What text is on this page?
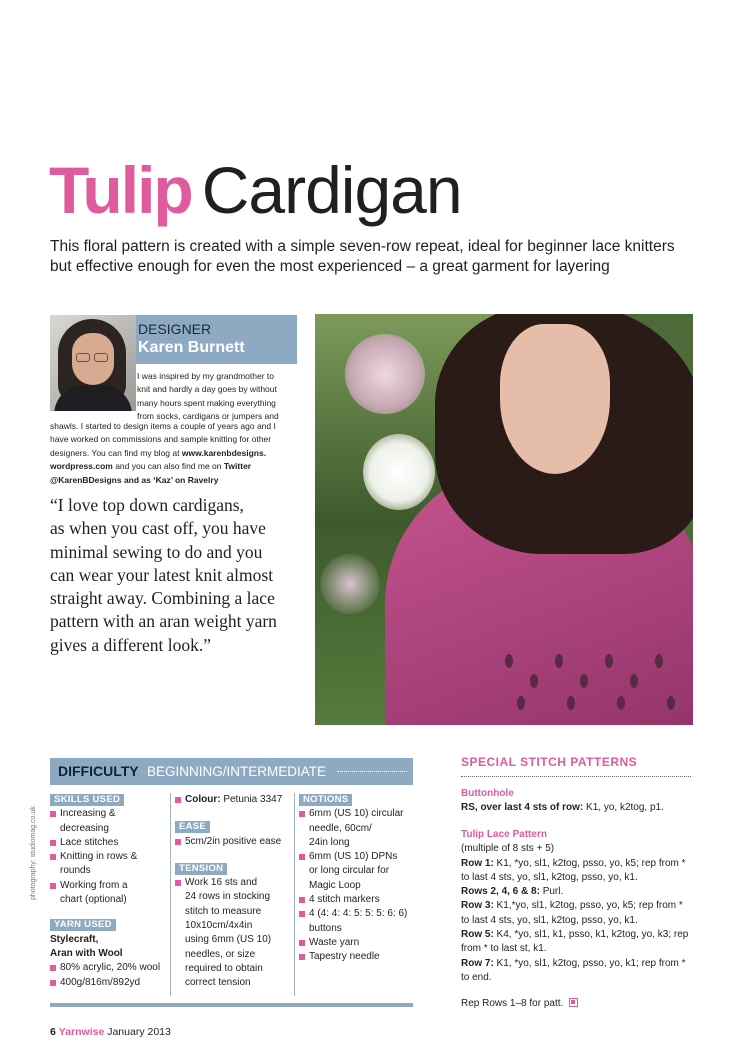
Tulip Cardigan
This floral pattern is created with a simple seven-row repeat, ideal for beginner lace knitters
but effective enough for even the most experienced – a great garment for layering
DESIGNER
Karen Burnett
I was inspired by my grandmother to
knit and hardly a day goes by without
many hours spent making everything
from socks, cardigans or jumpers and
shawls. I started to design items a couple of years ago and I
have worked on commissions and sample knitting for other
designers. You can find my blog at www.karenbdesigns.
wordpress.com and you can also find me on Twitter
@KarenBDesigns and as ‘Kaz’ on Ravelry
“I love top down cardigans,
as when you cast off, you have
minimal sewing to do and you
can wear your latest knit almost
straight away. Combining a lace
pattern with an aran weight yarn
gives a different look.”
DIFFICULTY BEGINNING/INTERMEDIATE
photography: studiomag.co.uk
SKILLS USED
Increasing &
decreasing
Lace stitches
Knitting in rows &
rounds
Working from a
chart (optional)
YARN USED
Stylecraft,
Aran with Wool
80% acrylic, 20% wool
400g/816m/892yd
Colour: Petunia 3347
EASE
5cm/2in positive ease
TENSION
Work 16 sts and
24 rows in stocking
stitch to measure
10x10cm/4x4in
using 6mm (US 10)
needles, or size
required to obtain
correct tension
NOTIONS
6mm (US 10) circular
needle, 60cm/
24in long
6mm (US 10) DPNs
or long circular for
Magic Loop
4 stitch markers
4 (4: 4: 4: 5: 5: 5: 6: 6)
buttons
Waste yarn
Tapestry needle
SPECIAL STITCH PATTERNS
Buttonhole
RS, over last 4 sts of row: K1, yo, k2tog, p1.
Tulip Lace Pattern
(multiple of 8 sts + 5)
Row 1: K1, *yo, sl1, k2tog, psso, yo, k5; rep from *
to last 4 sts, yo, sl1, k2tog, psso, yo, k1.
Rows 2, 4, 6 & 8: Purl.
Row 3: K1,*yo, sl1, k2tog, psso, yo, k5; rep from *
to last 4 sts, yo, sl1, k2tog, psso, yo, k1.
Row 5: K4, *yo, sl1, k1, psso, k1, k2tog, yo, k3; rep
from * to last st, k1.
Row 7: K1, *yo, sl1, k2tog, psso, yo, k1; rep from *
to end.
Rep Rows 1–8 for patt.
6 Yarnwise January 2013
